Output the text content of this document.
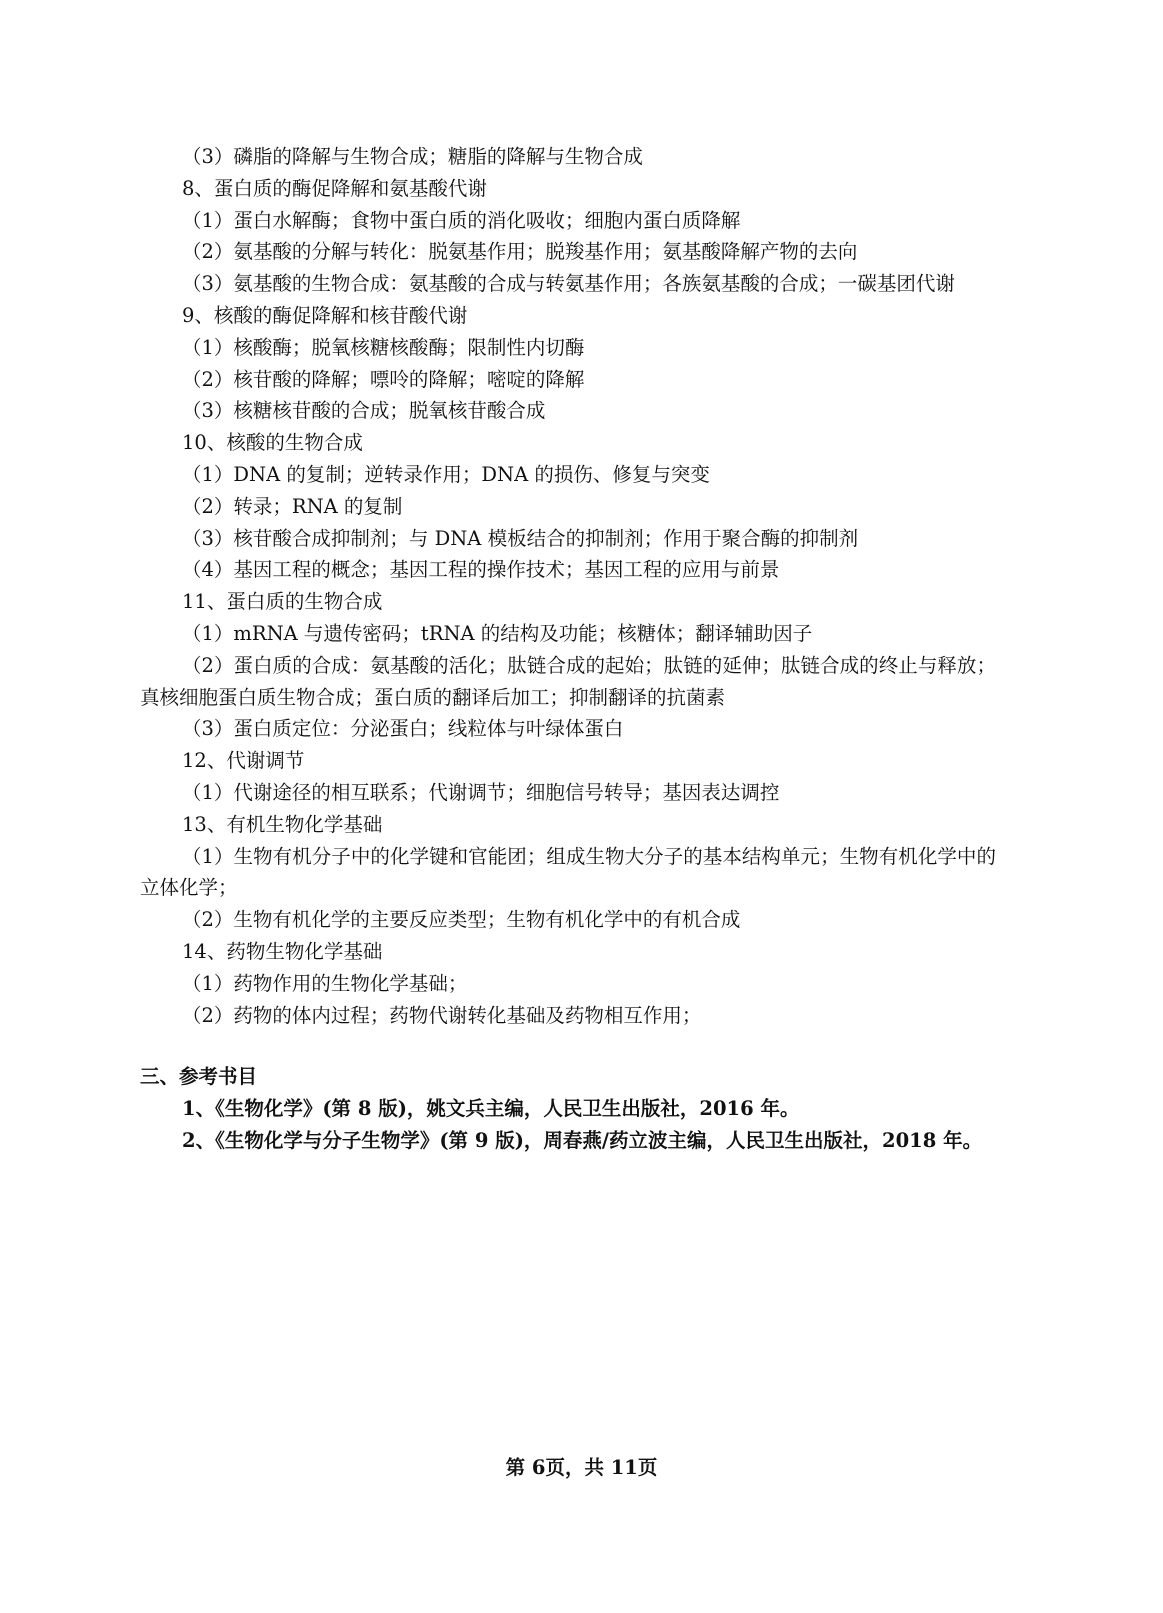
（3）磷脂的降解与生物合成；糖脂的降解与生物合成
8、蛋白质的酶促降解和氨基酸代谢
（1）蛋白水解酶；食物中蛋白质的消化吸收；细胞内蛋白质降解
（2）氨基酸的分解与转化：脱氨基作用；脱羧基作用；氨基酸降解产物的去向
（3）氨基酸的生物合成：氨基酸的合成与转氨基作用；各族氨基酸的合成；一碳基团代谢
9、核酸的酶促降解和核苷酸代谢
（1）核酸酶；脱氧核糖核酸酶；限制性内切酶
（2）核苷酸的降解；嘌呤的降解；嘧啶的降解
（3）核糖核苷酸的合成；脱氧核苷酸合成
10、核酸的生物合成
（1）DNA 的复制；逆转录作用；DNA 的损伤、修复与突变
（2）转录；RNA 的复制
（3）核苷酸合成抑制剂；与 DNA 模板结合的抑制剂；作用于聚合酶的抑制剂
（4）基因工程的概念；基因工程的操作技术；基因工程的应用与前景
11、蛋白质的生物合成
（1）mRNA 与遗传密码；tRNA 的结构及功能；核糖体；翻译辅助因子
（2）蛋白质的合成：氨基酸的活化；肽链合成的起始；肽链的延伸；肽链合成的终止与释放；真核细胞蛋白质生物合成；蛋白质的翻译后加工；抑制翻译的抗菌素
（3）蛋白质定位：分泌蛋白；线粒体与叶绿体蛋白
12、代谢调节
（1）代谢途径的相互联系；代谢调节；细胞信号转导；基因表达调控
13、有机生物化学基础
（1）生物有机分子中的化学键和官能团；组成生物大分子的基本结构单元；生物有机化学中的立体化学；
（2）生物有机化学的主要反应类型；生物有机化学中的有机合成
14、药物生物化学基础
（1）药物作用的生物化学基础；
（2）药物的体内过程；药物代谢转化基础及药物相互作用；
三、参考书目
1、《生物化学》(第 8 版)，姚文兵主编，人民卫生出版社，2016 年。
2、《生物化学与分子生物学》(第 9 版)，周春燕/药立波主编，人民卫生出版社，2018 年。
第 6页，共 11页
